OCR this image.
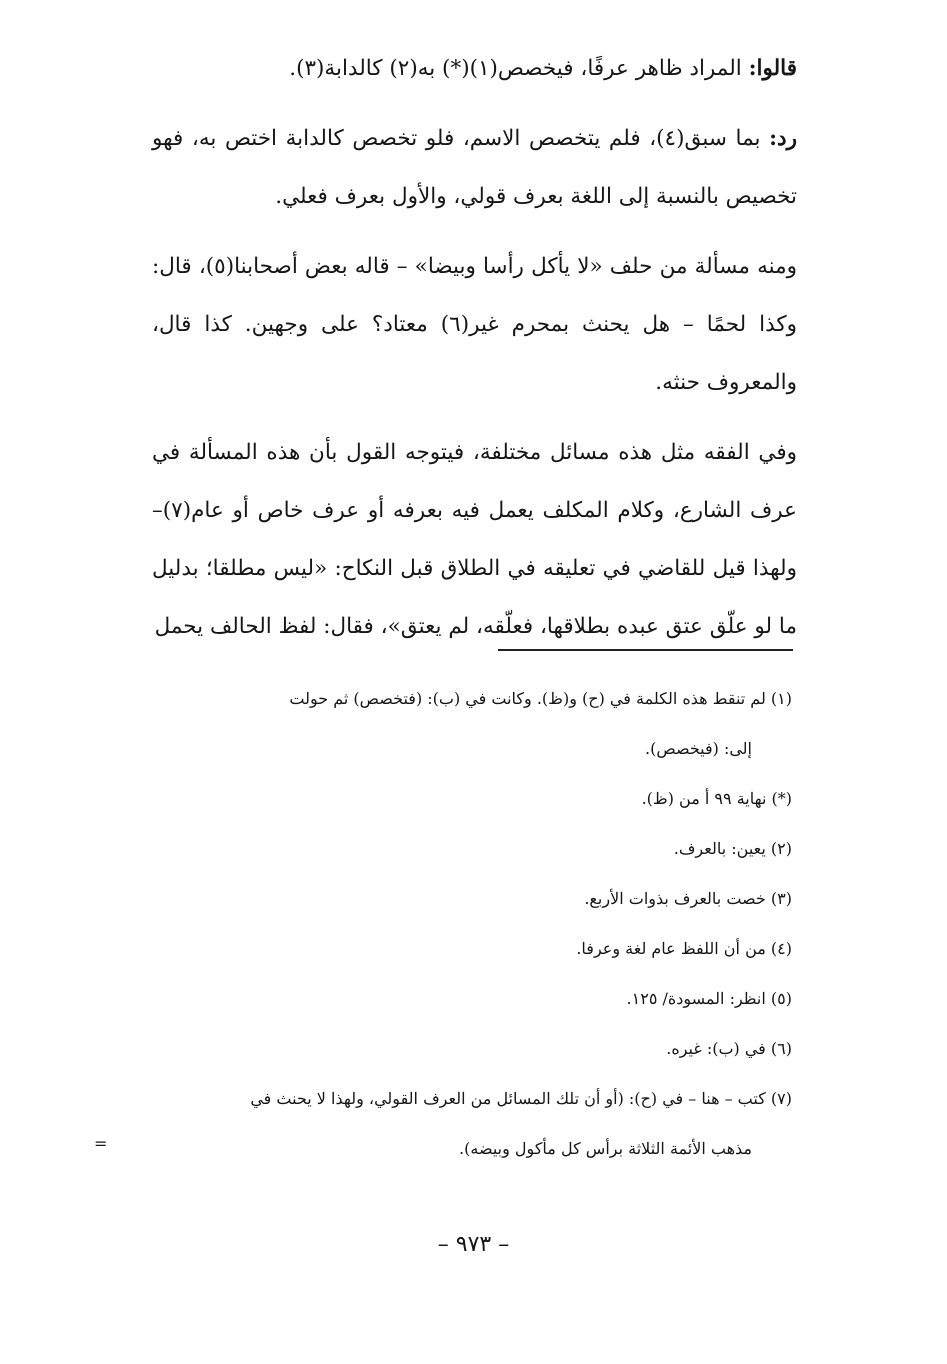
قالوا: المراد ظاهر عرفًا، فيخصص(١)(*) به(٢) كالدابة(٣).

رد: بما سبق(٤)، فلم يتخصص الاسم، فلو تخصص كالدابة اختص به، فهو تخصيص بالنسبة إلى اللغة بعرف قولي، والأول بعرف فعلي.

ومنه مسألة من حلف «لا يأكل رأسا وبيضا» – قاله بعض أصحابنا(٥)، قال: وكذا لحمًا – هل يحنث بمحرم غير(٦) معتاد؟ على وجهين. كذا قال، والمعروف حنثه.

وفي الفقه مثل هذه مسائل مختلفة، فيتوجه القول بأن هذه المسألة في عرف الشارع، وكلام المكلف يعمل فيه بعرفه أو عرف خاص أو عام(٧)– ولهذا قيل للقاضي في تعليقه في الطلاق قبل النكاح: «ليس مطلقا؛ بدليل ما لو علّق عتق عبده بطلاقها، فعلّقه، لم يعتق»، فقال: لفظ الحالف يحمل

(١) لم تنقط هذه الكلمة في (ح) و(ظ). وكانت في (ب): (فتخصص) ثم حولت

إلى: (فيخصص).

(*) نهاية ٩٩ أ من (ظ).

(٢) يعين: بالعرف.

(٣) خصت بالعرف بذوات الأربع.

(٤) من أن اللفظ عام لغة وعرفا.

(٥) انظر: المسودة/ ١٢٥.

(٦) في (ب): غيره.

(٧) كتب – هنا – في (ح): (أو أن تلك المسائل من العرف القولي، ولهذا لا يحنث في

مذهب الأئمة الثلاثة برأس كل مأكول وبيضه).

=
– ٩٧٣ –
